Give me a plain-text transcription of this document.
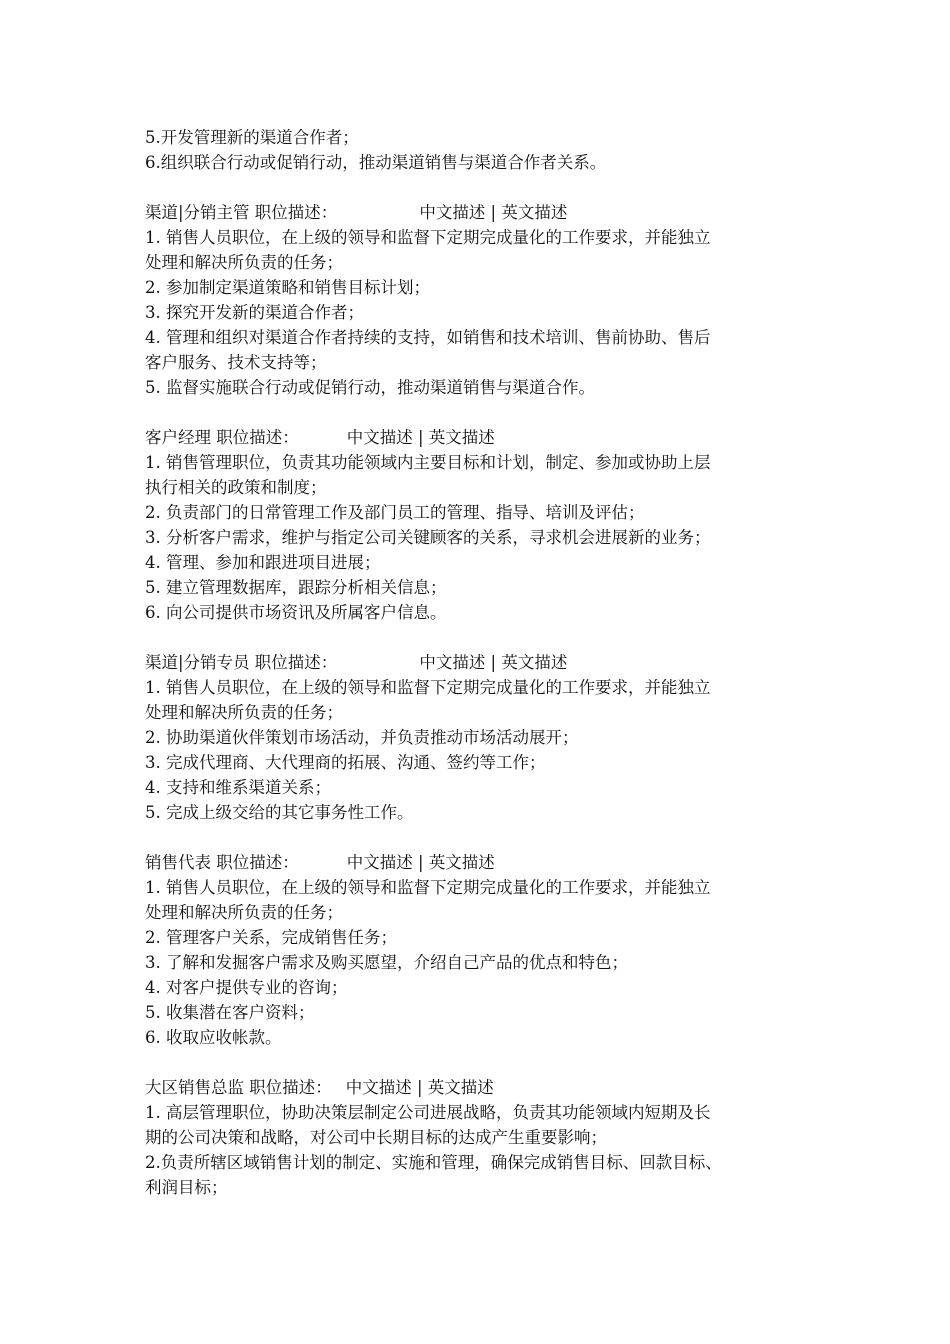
5.开发管理新的渠道合作者；
6.组织联合行动或促销行动，推动渠道销售与渠道合作者关系。
渠道|分销主管 职位描述：	中文描述 | 英文描述
1. 销售人员职位，在上级的领导和监督下定期完成量化的工作要求，并能独立
处理和解决所负责的任务；
2. 参加制定渠道策略和销售目标计划；
3. 探究开发新的渠道合作者；
4. 管理和组织对渠道合作者持续的支持，如销售和技术培训、售前协助、售后
客户服务、技术支持等；
5. 监督实施联合行动或促销行动，推动渠道销售与渠道合作。
客户经理 职位描述：	中文描述 | 英文描述
1. 销售管理职位，负责其功能领域内主要目标和计划，制定、参加或协助上层
执行相关的政策和制度；
2. 负责部门的日常管理工作及部门员工的管理、指导、培训及评估；
3. 分析客户需求，维护与指定公司关键顾客的关系，寻求机会进展新的业务；
4. 管理、参加和跟进项目进展；
5. 建立管理数据库，跟踪分析相关信息；
6. 向公司提供市场资讯及所属客户信息。
渠道|分销专员 职位描述：	中文描述 | 英文描述
1. 销售人员职位，在上级的领导和监督下定期完成量化的工作要求，并能独立
处理和解决所负责的任务；
2. 协助渠道伙伴策划市场活动，并负责推动市场活动展开；
3. 完成代理商、大代理商的拓展、沟通、签约等工作；
4. 支持和维系渠道关系；
5. 完成上级交给的其它事务性工作。
销售代表 职位描述：	中文描述 | 英文描述
1. 销售人员职位，在上级的领导和监督下定期完成量化的工作要求，并能独立
处理和解决所负责的任务；
2. 管理客户关系，完成销售任务；
3. 了解和发掘客户需求及购买愿望，介绍自己产品的优点和特色；
4. 对客户提供专业的咨询；
5. 收集潜在客户资料；
6. 收取应收帐款。
大区销售总监 职位描述： 中文描述 | 英文描述
1. 高层管理职位，协助决策层制定公司进展战略，负责其功能领域内短期及长
期的公司决策和战略，对公司中长期目标的达成产生重要影响；
2.负责所辖区域销售计划的制定、实施和管理，确保完成销售目标、回款目标、
利润目标；
